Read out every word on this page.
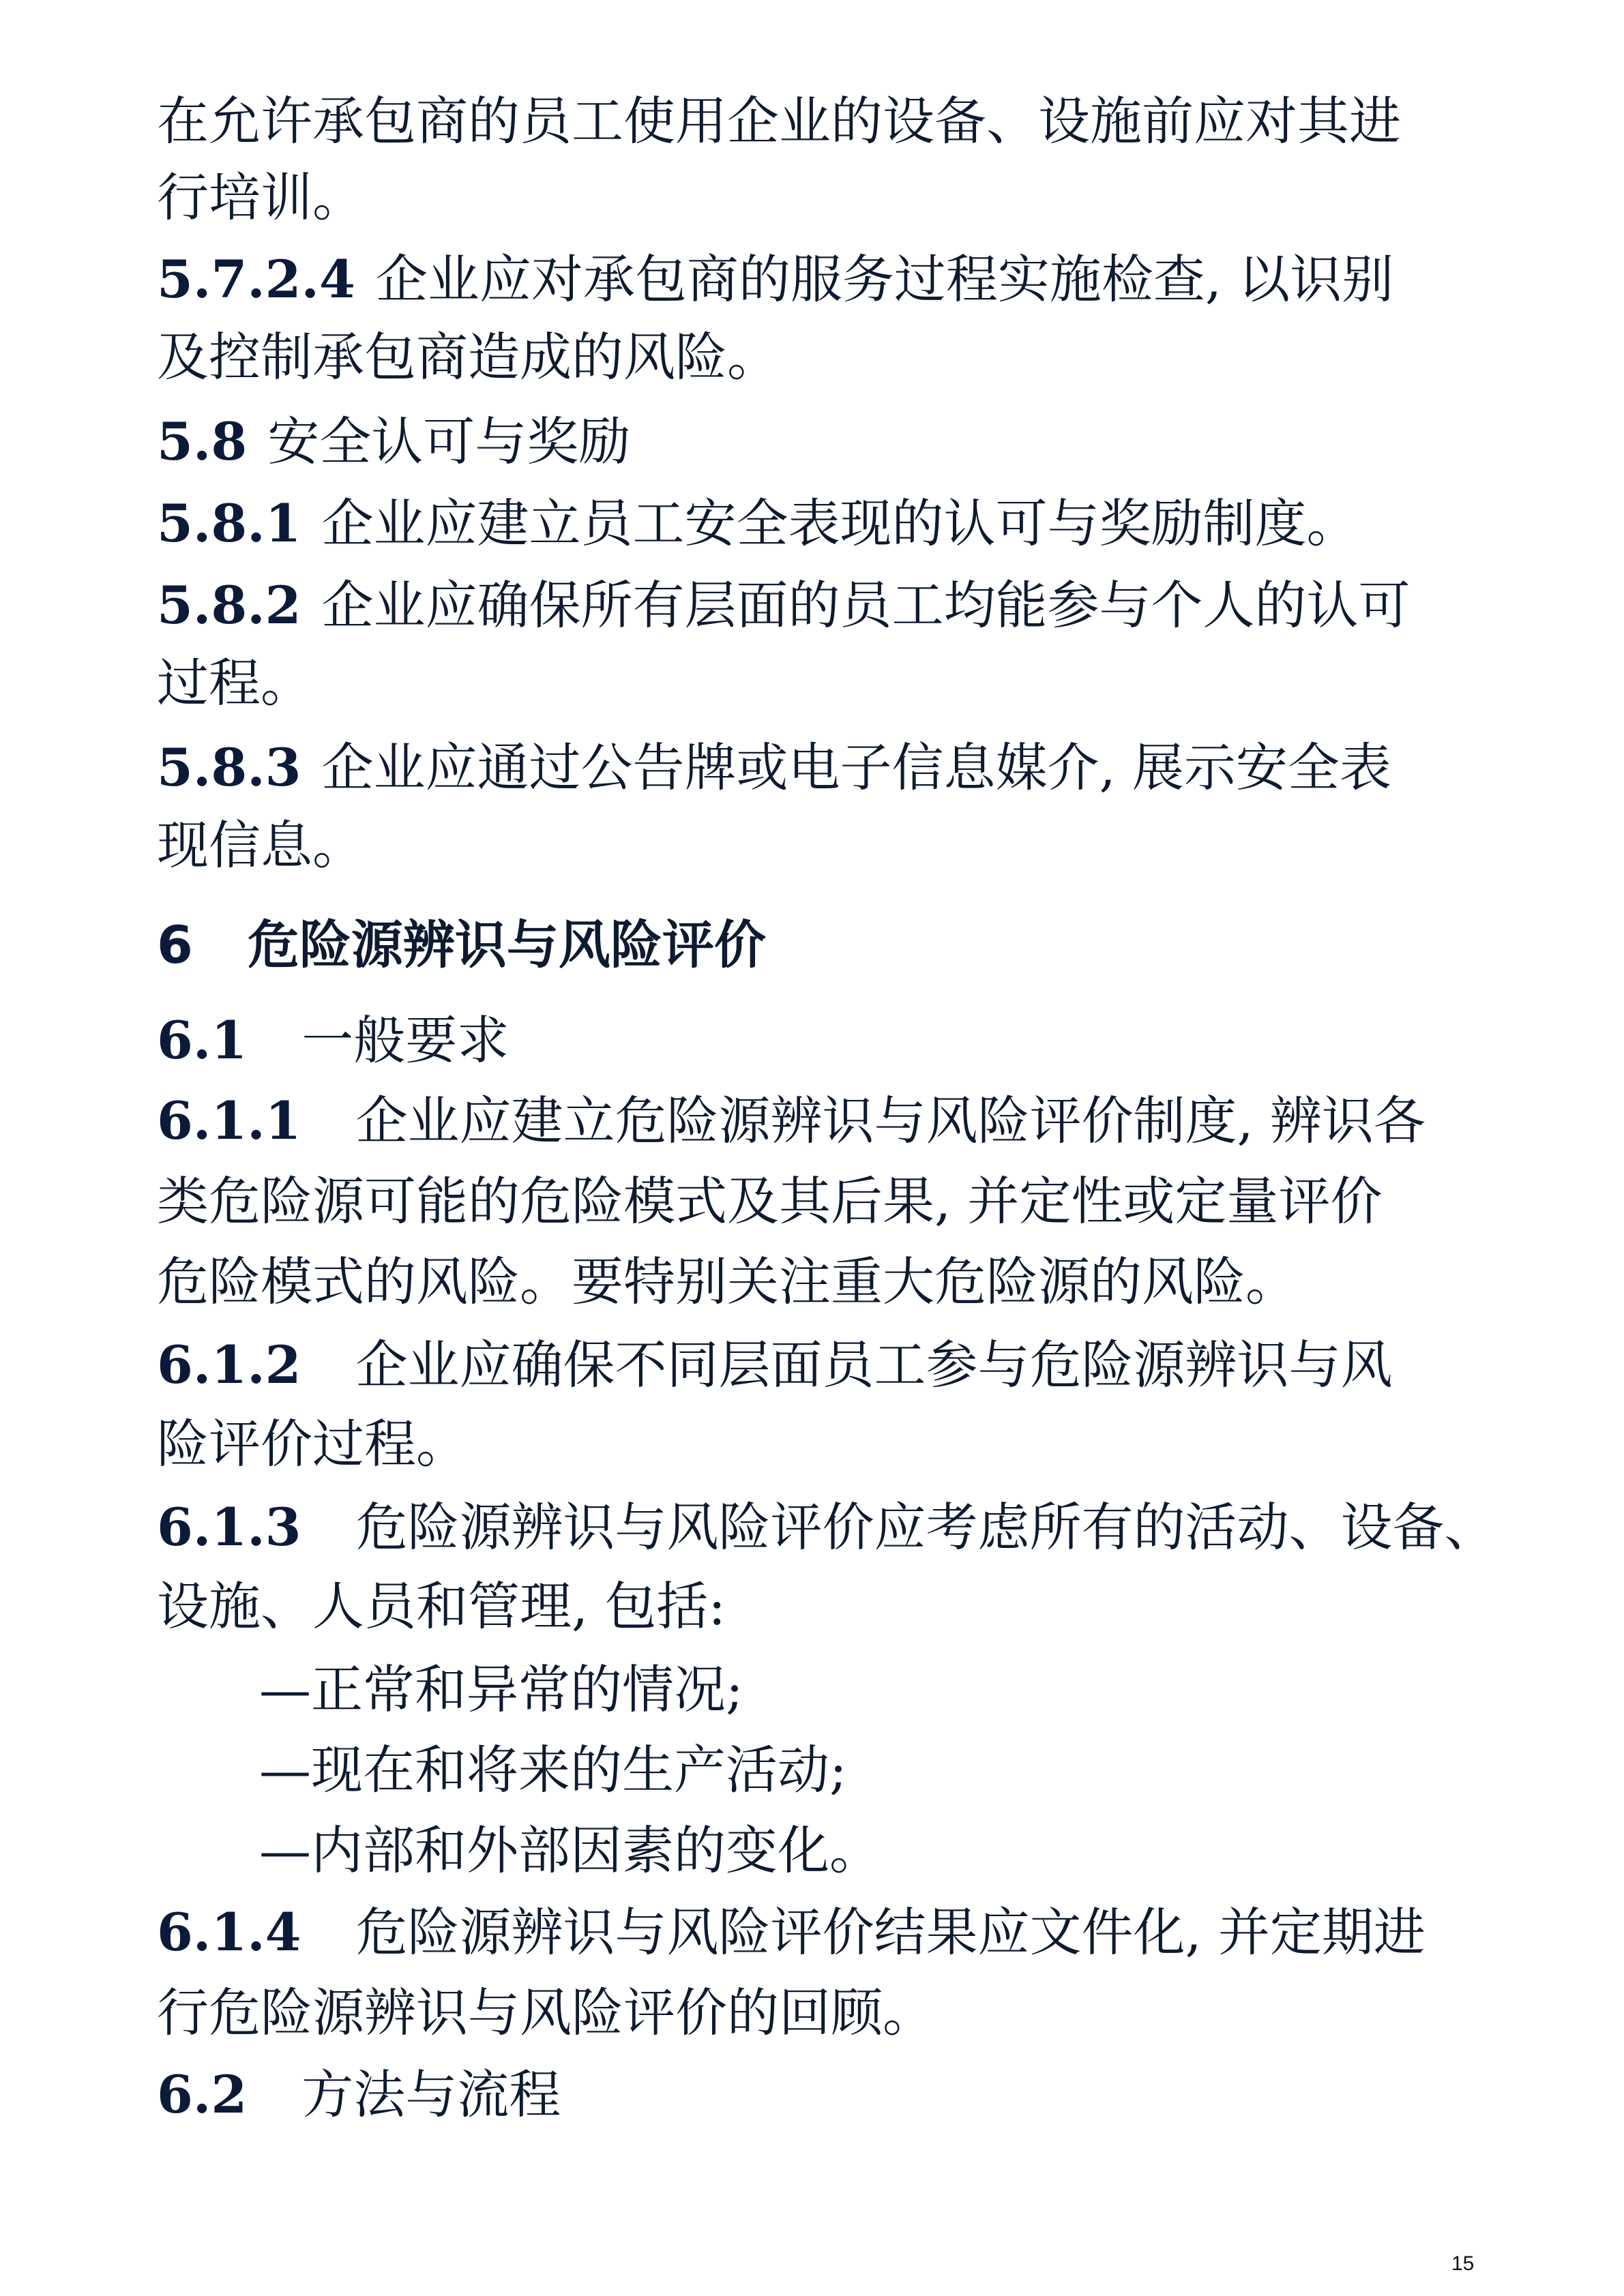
在允许承包商的员工使用企业的设备、设施前应对其进
行培训。
5.7.2.4 企业应对承包商的服务过程实施检查, 以识别
及控制承包商造成的风险。
5.8 安全认可与奖励
5.8.1 企业应建立员工安全表现的认可与奖励制度。
5.8.2 企业应确保所有层面的员工均能参与个人的认可
过程。
5.8.3 企业应通过公告牌或电子信息媒介, 展示安全表
现信息。
6 危险源辨识与风险评价
6.1 一般要求
6.1.1 企业应建立危险源辨识与风险评价制度, 辨识各
类危险源可能的危险模式及其后果, 并定性或定量评价
危险模式的风险。要特别关注重大危险源的风险。
6.1.2 企业应确保不同层面员工参与危险源辨识与风
险评价过程。
6.1.3 危险源辨识与风险评价应考虑所有的活动、设备、
设施、人员和管理, 包括:
—正常和异常的情况;
—现在和将来的生产活动;
—内部和外部因素的变化。
6.1.4 危险源辨识与风险评价结果应文件化, 并定期进
行危险源辨识与风险评价的回顾。
6.2 方法与流程
15
